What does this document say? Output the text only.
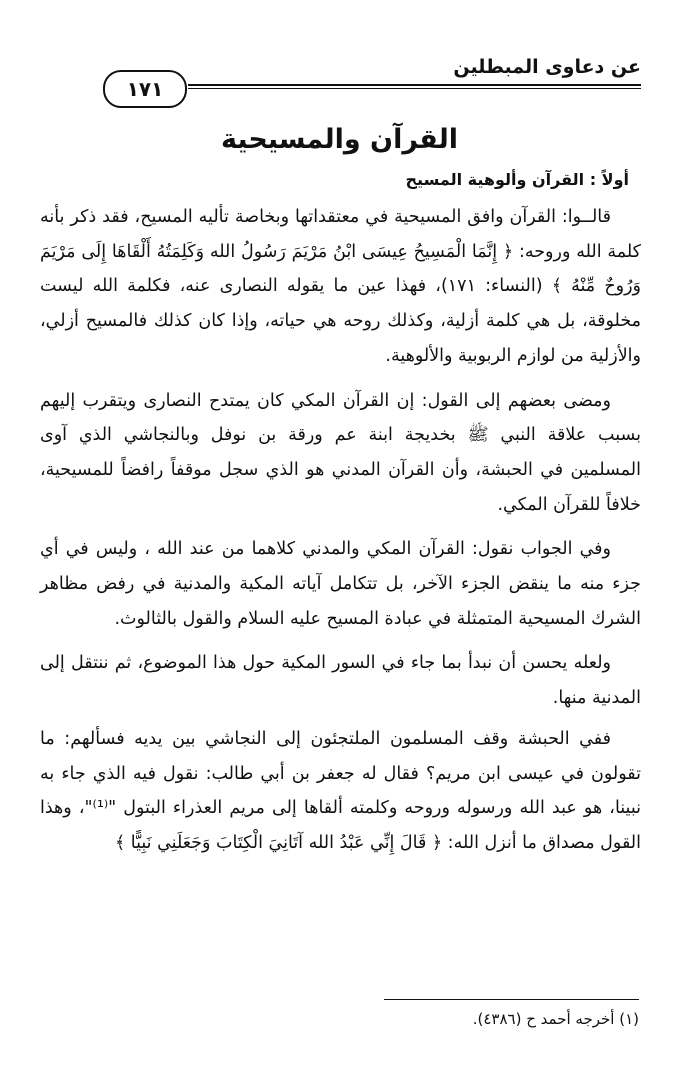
عن دعاوى المبطلين
١٧١
القرآن والمسيحية
أولاً : القرآن وألوهية المسيح

قالــوا: القرآن وافق المسيحية في معتقداتها وبخاصة تأليه المسيح، فقد ذكر بأنه كلمة الله وروحه: ﴿ إِنَّمَا الْمَسِيحُ عِيسَى ابْنُ مَرْيَمَ رَسُولُ الله وَكَلِمَتُهُ أَلْقَاهَا إِلَى مَرْيَمَ وَرُوحٌ مِّنْهُ ﴾ (النساء: ١٧١)، فهذا عين ما يقوله النصارى عنه، فكلمة الله ليست مخلوقة، بل هي كلمة أزلية، وكذلك روحه هي حياته، وإذا كان كذلك فالمسيح أزلي، والأزلية من لوازم الربوبية والألوهية.

ومضى بعضهم إلى القول: إن القرآن المكي كان يمتدح النصارى ويتقرب إليهم بسبب علاقة النبي ﷺ بخديجة ابنة عم ورقة بن نوفل وبالنجاشي الذي آوى المسلمين في الحبشة، وأن القرآن المدني هو الذي سجل موقفاً رافضاً للمسيحية، خلافاً للقرآن المكي.

وفي الجواب نقول: القرآن المكي والمدني كلاهما من عند الله ، وليس في أي جزء منه ما ينقض الجزء الآخر، بل تتكامل آياته المكية والمدنية في رفض مظاهر الشرك المسيحية المتمثلة في عبادة المسيح عليه السلام والقول بالثالوث.

ولعله يحسن أن نبدأ بما جاء في السور المكية حول هذا الموضوع، ثم ننتقل إلى المدنية منها.

ففي الحبشة وقف المسلمون الملتجئون إلى النجاشي بين يديه فسألهم: ما تقولون في عيسى ابن مريم؟ فقال له جعفر بن أبي طالب: نقول فيه الذي جاء به نبينا، هو عبد الله ورسوله وروحه وكلمته ألقاها إلى مريم العذراء البتول "⁽¹⁾"، وهذا القول مصداق ما أنزل الله: ﴿ قَالَ إِنِّي عَبْدُ الله آتَانِيَ الْكِتَابَ وَجَعَلَنِي نَبِيًّا ﴾

(١) أخرجه أحمد ح (٤٣٨٦).
